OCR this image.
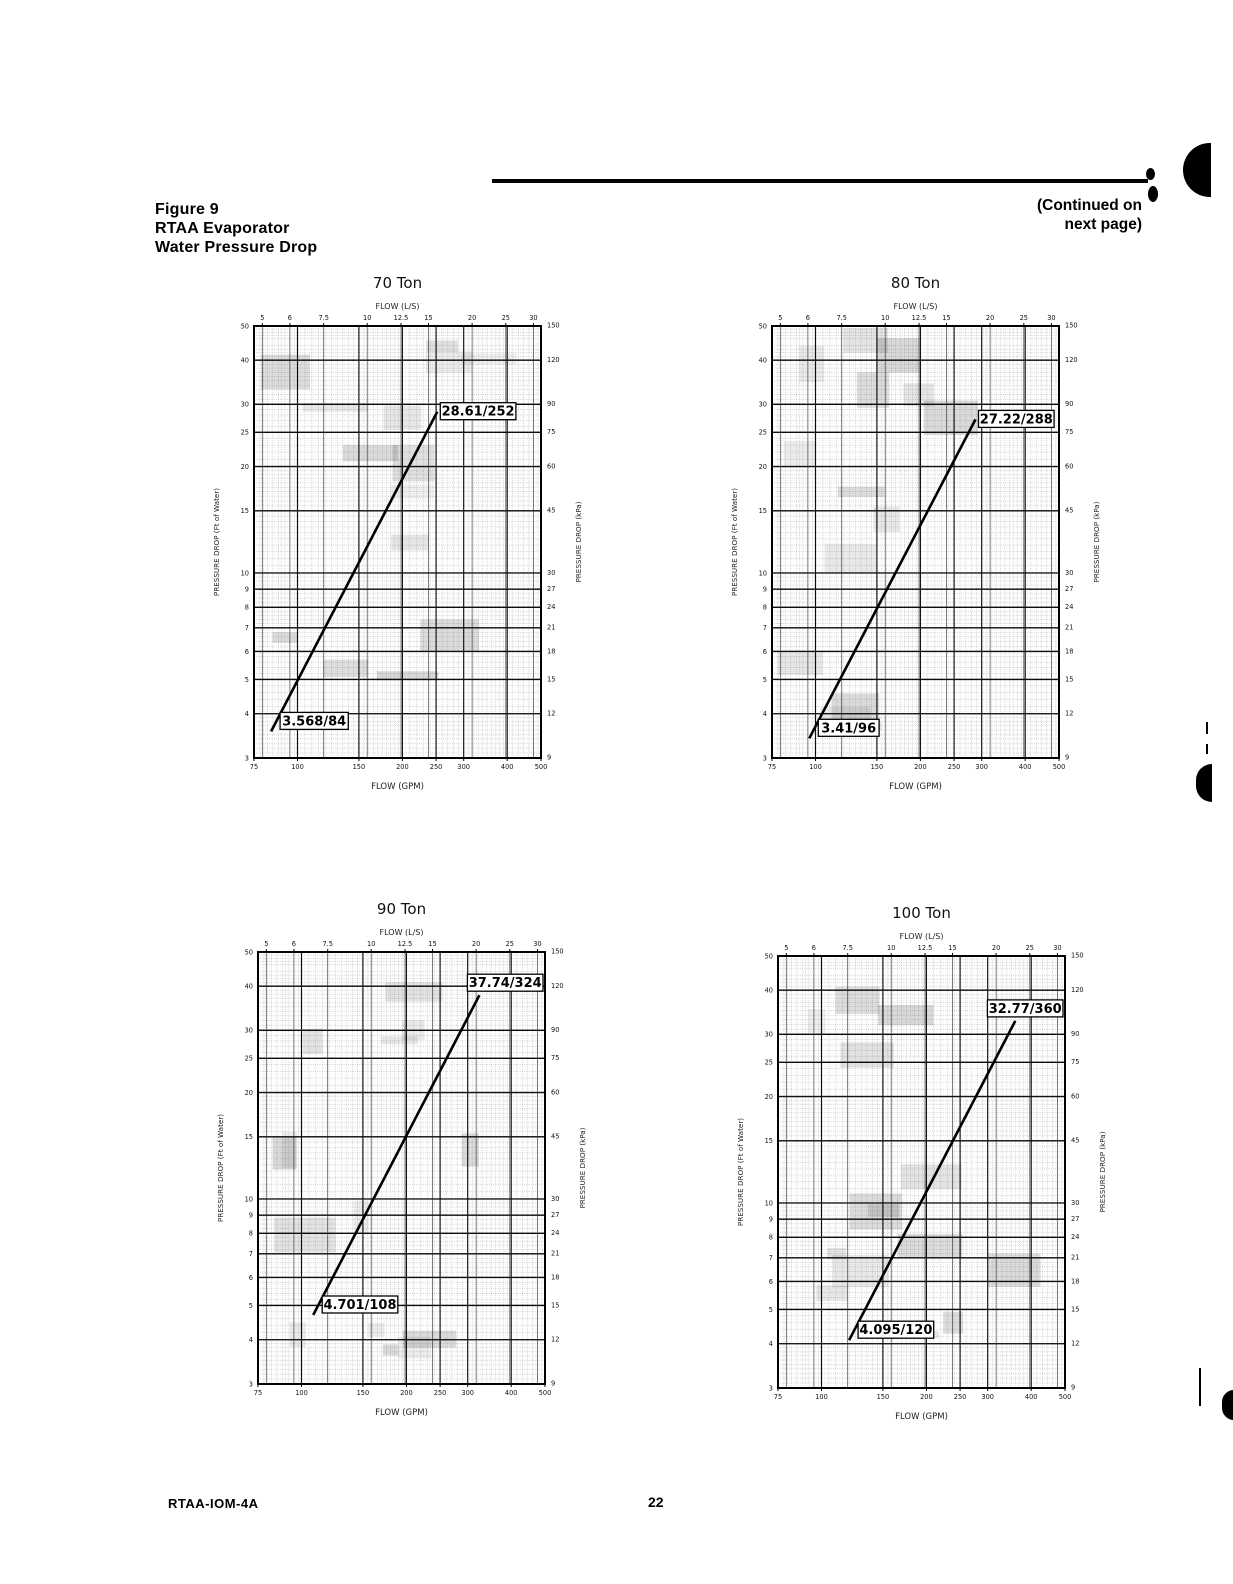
Figure 9
RTAA Evaporator
Water Pressure Drop
(Continued on
next page)
70 Ton
FLOW (L/S)
5	6	7.5	10	12.5 15	20	25	30
75	100	150	200	250 300	400	500
3
4
5
6
7
8
9
10
15
20
25
30
40
50
9
12
15
18
21
24
27
30
45
60
75
90
120
150
FLOW (GPM)
PRESSURE DROP (Ft of Water)	PRESSURE DROP (kPa)
3.568/84
28.61/252
80 Ton
FLOW (L/S)
5	6	7.5	10	12.5 15	20	25	30
75	100	150	200	250 300	400	500
3
4
5
6
7
8
9
10
15
20
25
30
40
50
9
12
15
18
21
24
27
30
45
60
75
90
120
150
FLOW (GPM)
PRESSURE DROP (Ft of Water)	PRESSURE DROP (kPa)
3.41/96
27.22/288
90 Ton
FLOW (L/S)
5	6	7.5	10	12.5 15	20	25	30
75	100	150	200	250 300	400	500
3
4
5
6
7
8
9
10
15
20
25
30
40
50
9
12
15
18
21
24
27
30
45
60
75
90
120
150
FLOW (GPM)
PRESSURE DROP (Ft of Water)	PRESSURE DROP (kPa)
4.701/108
37.74/324
100 Ton
FLOW (L/S)
5	6	7.5	10	12.5 15	20	25	30
75	100	150	200	250 300	400	500
3
4
5
6
7
8
9
10
15
20
25
30
40
50
9
12
15
18
21
24
27
30
45
60
75
90
120
150
FLOW (GPM)
PRESSURE DROP (Ft of Water)	PRESSURE DROP (kPa)
4.095/120
32.77/360
RTAA-IOM-4A	22
